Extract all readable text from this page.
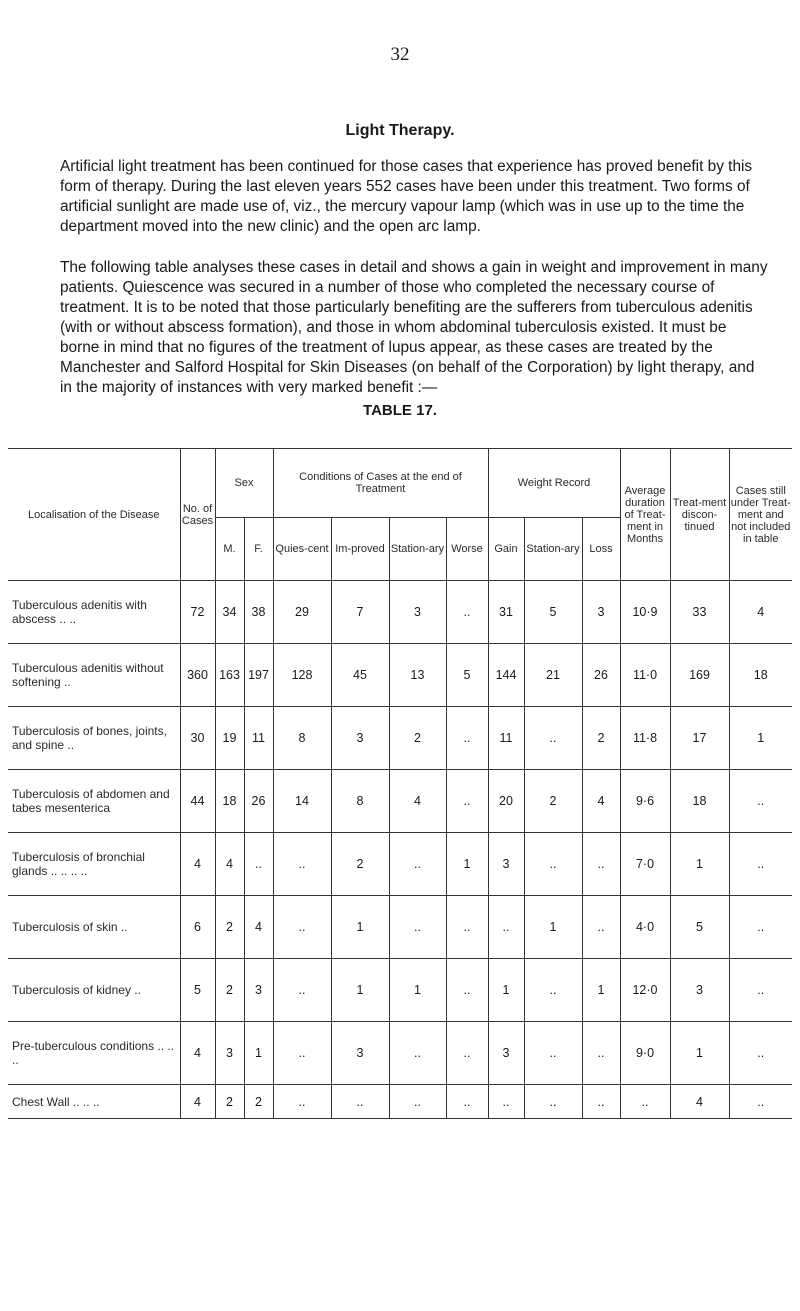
32
Light Therapy.

Artificial light treatment has been continued for those cases that experience has proved benefit by this form of therapy. During the last eleven years 552 cases have been under this treatment. Two forms of artificial sunlight are made use of, viz., the mercury vapour lamp (which was in use up to the time the department moved into the new clinic) and the open arc lamp.

The following table analyses these cases in detail and shows a gain in weight and improvement in many patients. Quiescence was secured in a number of those who completed the necessary course of treatment. It is to be noted that those particularly benefiting are the sufferers from tuberculous adenitis (with or without abscess formation), and those in whom abdominal tuberculosis existed. It must be borne in mind that no figures of the treatment of lupus appear, as these cases are treated by the Manchester and Salford Hospital for Skin Diseases (on behalf of the Corporation) by light therapy, and in the majority of instances with very marked benefit :—

TABLE 17.
Localisation of the Disease	No. of Cases	Sex		Conditions of Cases at the end of Treatment				Weight Record			Average duration of Treat-ment in Months	Treat-ment discon-tinued	Cases still under Treat-ment and not included in table
		M.	F.	Quies-cent	Im-proved	Station-ary	Worse	Gain	Station-ary	Loss			
Tuberculous adenitis with abscess .. ..	72	34	38	29	7	3	..	31	5	3	10·9	33	4
Tuberculous adenitis without softening ..	360	163	197	128	45	13	5	144	21	26	11·0	169	18
Tuberculosis of bones, joints, and spine ..	30	19	11	8	3	2	..	11	..	2	11·8	17	1
Tuberculosis of abdomen and tabes mesenterica	44	18	26	14	8	4	..	20	2	4	9·6	18	..
Tuberculosis of bronchial glands .. .. .. ..	4	4	..	..	2	..	1	3	..	..	7·0	1	..
Tuberculosis of skin ..	6	2	4	..	1	..	..	..	1	..	4·0	5	..
Tuberculosis of kidney ..	5	2	3	..	1	1	..	1	..	1	12·0	3	..
Pre-tuberculous conditions .. .. ..	4	3	1	..	3	..	..	3	..	..	9·0	1	..
Chest Wall .. .. ..	4	2	2	..	..	..	..	..	..	..	..	4	..
